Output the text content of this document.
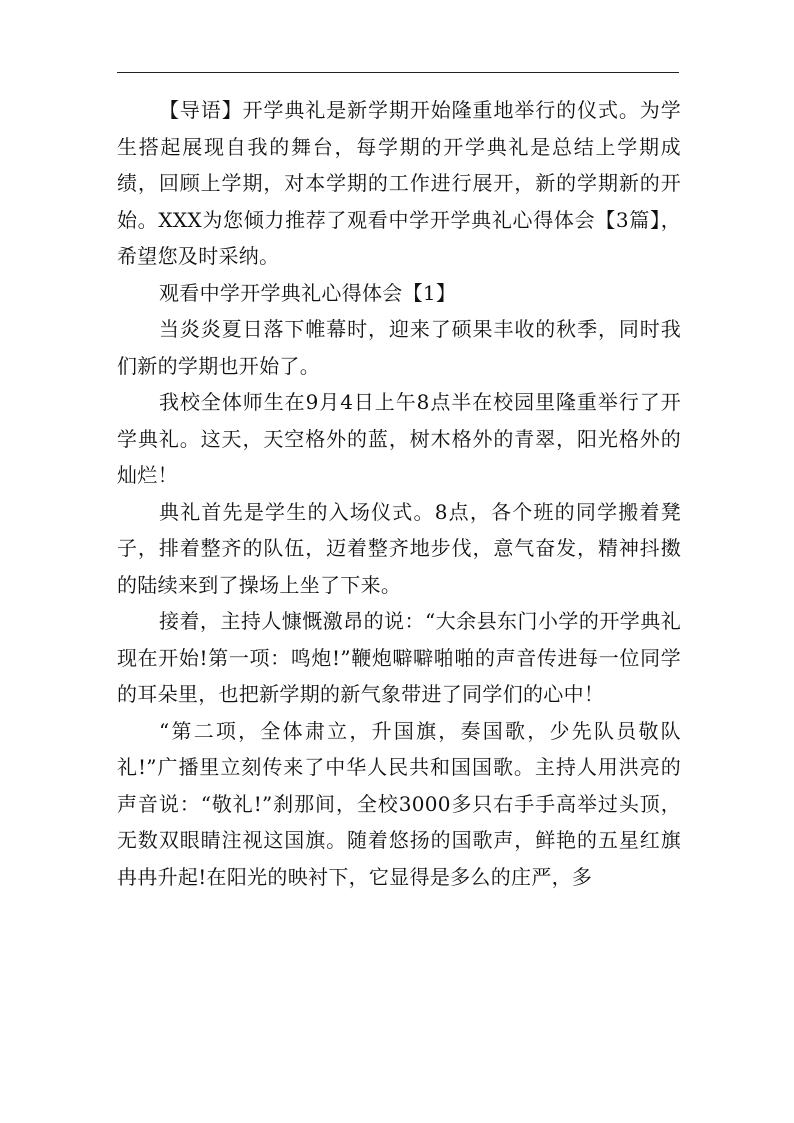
【导语】开学典礼是新学期开始隆重地举行的仪式。为学生搭起展现自我的舞台，每学期的开学典礼是总结上学期成绩，回顾上学期，对本学期的工作进行展开，新的学期新的开始。XXX为您倾力推荐了观看中学开学典礼心得体会【3篇】，希望您及时采纳。

观看中学开学典礼心得体会【1】

当炎炎夏日落下帷幕时，迎来了硕果丰收的秋季，同时我们新的学期也开始了。

我校全体师生在9月4日上午8点半在校园里隆重举行了开学典礼。这天，天空格外的蓝，树木格外的青翠，阳光格外的灿烂！

典礼首先是学生的入场仪式。8点，各个班的同学搬着凳子，排着整齐的队伍，迈着整齐地步伐，意气奋发，精神抖擞的陆续来到了操场上坐了下来。

接着，主持人慷慨激昂的说：“大余县东门小学的开学典礼现在开始!第一项：鸣炮!”鞭炮噼噼啪啪的声音传进每一位同学的耳朵里，也把新学期的新气象带进了同学们的心中！

“第二项，全体肃立，升国旗，奏国歌，少先队员敬队礼!”广播里立刻传来了中华人民共和国国歌。主持人用洪亮的声音说：“敬礼!”刹那间，全校3000多只右手手高举过头顶，无数双眼睛注视这国旗。随着悠扬的国歌声，鲜艳的五星红旗冉冉升起!在阳光的映衬下，它显得是多么的庄严，多
